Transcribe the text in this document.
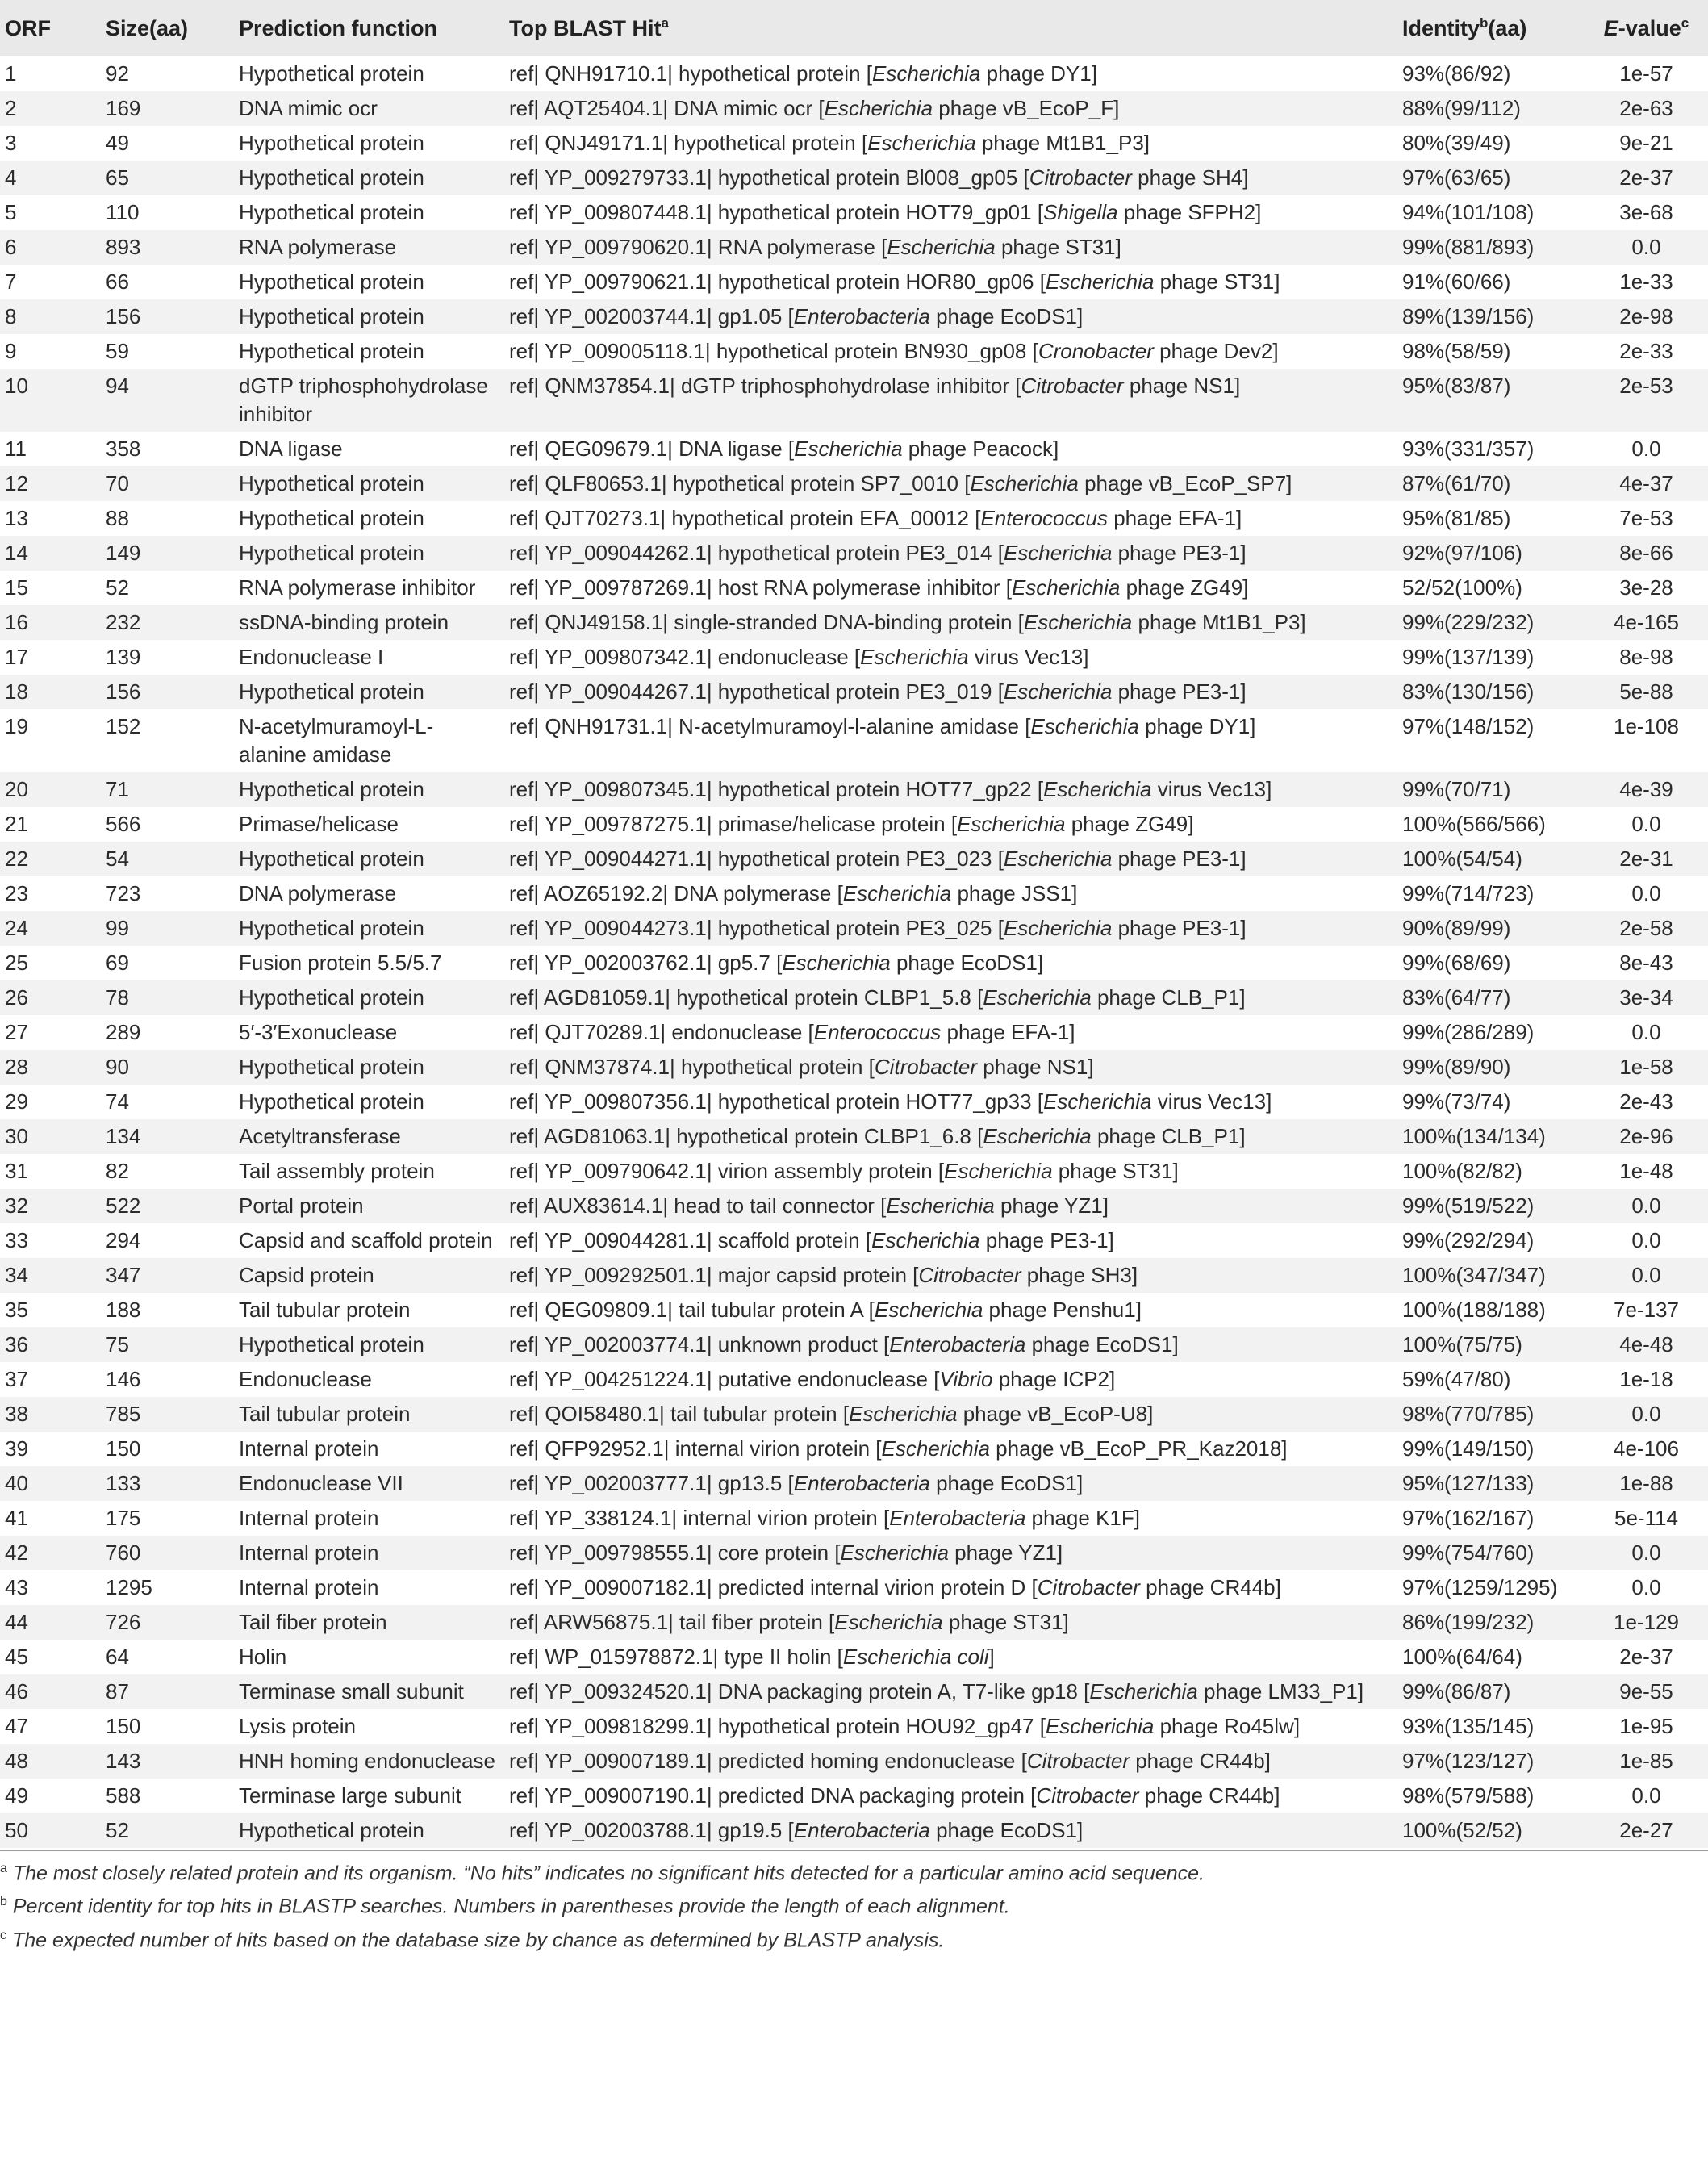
ORF	Size(aa)	Prediction function	Top BLAST Hit$^a$	Identity$^b$(aa)	E-value$^c$
1	92	Hypothetical protein	ref| QNH91710.1| hypothetical protein [Escherichia phage DY1]	93%(86/92)	1e-57
2	169	DNA mimic ocr	ref| AQT25404.1| DNA mimic ocr [Escherichia phage vB_EcoP_F]	88%(99/112)	2e-63
3	49	Hypothetical protein	ref| QNJ49171.1| hypothetical protein [Escherichia phage Mt1B1_P3]	80%(39/49)	9e-21
4	65	Hypothetical protein	ref| YP_009279733.1| hypothetical protein Bl008_gp05 [Citrobacter phage SH4]	97%(63/65)	2e-37
5	110	Hypothetical protein	ref| YP_009807448.1| hypothetical protein HOT79_gp01 [Shigella phage SFPH2]	94%(101/108)	3e-68
6	893	RNA polymerase	ref| YP_009790620.1| RNA polymerase [Escherichia phage ST31]	99%(881/893)	0.0
7	66	Hypothetical protein	ref| YP_009790621.1| hypothetical protein HOR80_gp06 [Escherichia phage ST31]	91%(60/66)	1e-33
8	156	Hypothetical protein	ref| YP_002003744.1| gp1.05 [Enterobacteria phage EcoDS1]	89%(139/156)	2e-98
9	59	Hypothetical protein	ref| YP_009005118.1| hypothetical protein BN930_gp08 [Cronobacter phage Dev2]	98%(58/59)	2e-33
10	94	dGTP triphosphohydrolase inhibitor	ref| QNM37854.1| dGTP triphosphohydrolase inhibitor [Citrobacter phage NS1]	95%(83/87)	2e-53
11	358	DNA ligase	ref| QEG09679.1| DNA ligase [Escherichia phage Peacock]	93%(331/357)	0.0
12	70	Hypothetical protein	ref| QLF80653.1| hypothetical protein SP7_0010 [Escherichia phage vB_EcoP_SP7]	87%(61/70)	4e-37
13	88	Hypothetical protein	ref| QJT70273.1| hypothetical protein EFA_00012 [Enterococcus phage EFA-1]	95%(81/85)	7e-53
14	149	Hypothetical protein	ref| YP_009044262.1| hypothetical protein PE3_014 [Escherichia phage PE3-1]	92%(97/106)	8e-66
15	52	RNA polymerase inhibitor	ref| YP_009787269.1| host RNA polymerase inhibitor [Escherichia phage ZG49]	52/52(100%)	3e-28
16	232	ssDNA-binding protein	ref| QNJ49158.1| single-stranded DNA-binding protein [Escherichia phage Mt1B1_P3]	99%(229/232)	4e-165
17	139	Endonuclease I	ref| YP_009807342.1| endonuclease [Escherichia virus Vec13]	99%(137/139)	8e-98
18	156	Hypothetical protein	ref| YP_009044267.1| hypothetical protein PE3_019 [Escherichia phage PE3-1]	83%(130/156)	5e-88
19	152	N-acetylmuramoyl-L-alanine amidase	ref| QNH91731.1| N-acetylmuramoyl-l-alanine amidase [Escherichia phage DY1]	97%(148/152)	1e-108
20	71	Hypothetical protein	ref| YP_009807345.1| hypothetical protein HOT77_gp22 [Escherichia virus Vec13]	99%(70/71)	4e-39
21	566	Primase/helicase	ref| YP_009787275.1| primase/helicase protein [Escherichia phage ZG49]	100%(566/566)	0.0
22	54	Hypothetical protein	ref| YP_009044271.1| hypothetical protein PE3_023 [Escherichia phage PE3-1]	100%(54/54)	2e-31
23	723	DNA polymerase	ref| AOZ65192.2| DNA polymerase [Escherichia phage JSS1]	99%(714/723)	0.0
24	99	Hypothetical protein	ref| YP_009044273.1| hypothetical protein PE3_025 [Escherichia phage PE3-1]	90%(89/99)	2e-58
25	69	Fusion protein 5.5/5.7	ref| YP_002003762.1| gp5.7 [Escherichia phage EcoDS1]	99%(68/69)	8e-43
26	78	Hypothetical protein	ref| AGD81059.1| hypothetical protein CLBP1_5.8 [Escherichia phage CLB_P1]	83%(64/77)	3e-34
27	289	5′-3′Exonuclease	ref| QJT70289.1| endonuclease [Enterococcus phage EFA-1]	99%(286/289)	0.0
28	90	Hypothetical protein	ref| QNM37874.1| hypothetical protein [Citrobacter phage NS1]	99%(89/90)	1e-58
29	74	Hypothetical protein	ref| YP_009807356.1| hypothetical protein HOT77_gp33 [Escherichia virus Vec13]	99%(73/74)	2e-43
30	134	Acetyltransferase	ref| AGD81063.1| hypothetical protein CLBP1_6.8 [Escherichia phage CLB_P1]	100%(134/134)	2e-96
31	82	Tail assembly protein	ref| YP_009790642.1| virion assembly protein [Escherichia phage ST31]	100%(82/82)	1e-48
32	522	Portal protein	ref| AUX83614.1| head to tail connector [Escherichia phage YZ1]	99%(519/522)	0.0
33	294	Capsid and scaffold protein	ref| YP_009044281.1| scaffold protein [Escherichia phage PE3-1]	99%(292/294)	0.0
34	347	Capsid protein	ref| YP_009292501.1| major capsid protein [Citrobacter phage SH3]	100%(347/347)	0.0
35	188	Tail tubular protein	ref| QEG09809.1| tail tubular protein A [Escherichia phage Penshu1]	100%(188/188)	7e-137
36	75	Hypothetical protein	ref| YP_002003774.1| unknown product [Enterobacteria phage EcoDS1]	100%(75/75)	4e-48
37	146	Endonuclease	ref| YP_004251224.1| putative endonuclease [Vibrio phage ICP2]	59%(47/80)	1e-18
38	785	Tail tubular protein	ref| QOI58480.1| tail tubular protein [Escherichia phage vB_EcoP-U8]	98%(770/785)	0.0
39	150	Internal protein	ref| QFP92952.1| internal virion protein [Escherichia phage vB_EcoP_PR_Kaz2018]	99%(149/150)	4e-106
40	133	Endonuclease VII	ref| YP_002003777.1| gp13.5 [Enterobacteria phage EcoDS1]	95%(127/133)	1e-88
41	175	Internal protein	ref| YP_338124.1| internal virion protein [Enterobacteria phage K1F]	97%(162/167)	5e-114
42	760	Internal protein	ref| YP_009798555.1| core protein [Escherichia phage YZ1]	99%(754/760)	0.0
43	1295	Internal protein	ref| YP_009007182.1| predicted internal virion protein D [Citrobacter phage CR44b]	97%(1259/1295)	0.0
44	726	Tail fiber protein	ref| ARW56875.1| tail fiber protein [Escherichia phage ST31]	86%(199/232)	1e-129
45	64	Holin	ref| WP_015978872.1| type II holin [Escherichia coli]	100%(64/64)	2e-37
46	87	Terminase small subunit	ref| YP_009324520.1| DNA packaging protein A, T7-like gp18 [Escherichia phage LM33_P1]	99%(86/87)	9e-55
47	150	Lysis protein	ref| YP_009818299.1| hypothetical protein HOU92_gp47 [Escherichia phage Ro45lw]	93%(135/145)	1e-95
48	143	HNH homing endonuclease	ref| YP_009007189.1| predicted homing endonuclease [Citrobacter phage CR44b]	97%(123/127)	1e-85
49	588	Terminase large subunit	ref| YP_009007190.1| predicted DNA packaging protein [Citrobacter phage CR44b]	98%(579/588)	0.0
50	52	Hypothetical protein	ref| YP_002003788.1| gp19.5 [Enterobacteria phage EcoDS1]	100%(52/52)	2e-27
$^a$ The most closely related protein and its organism. “No hits” indicates no significant hits detected for a particular amino acid sequence.
$^b$ Percent identity for top hits in BLASTP searches. Numbers in parentheses provide the length of each alignment.
$^c$ The expected number of hits based on the database size by chance as determined by BLASTP analysis.
